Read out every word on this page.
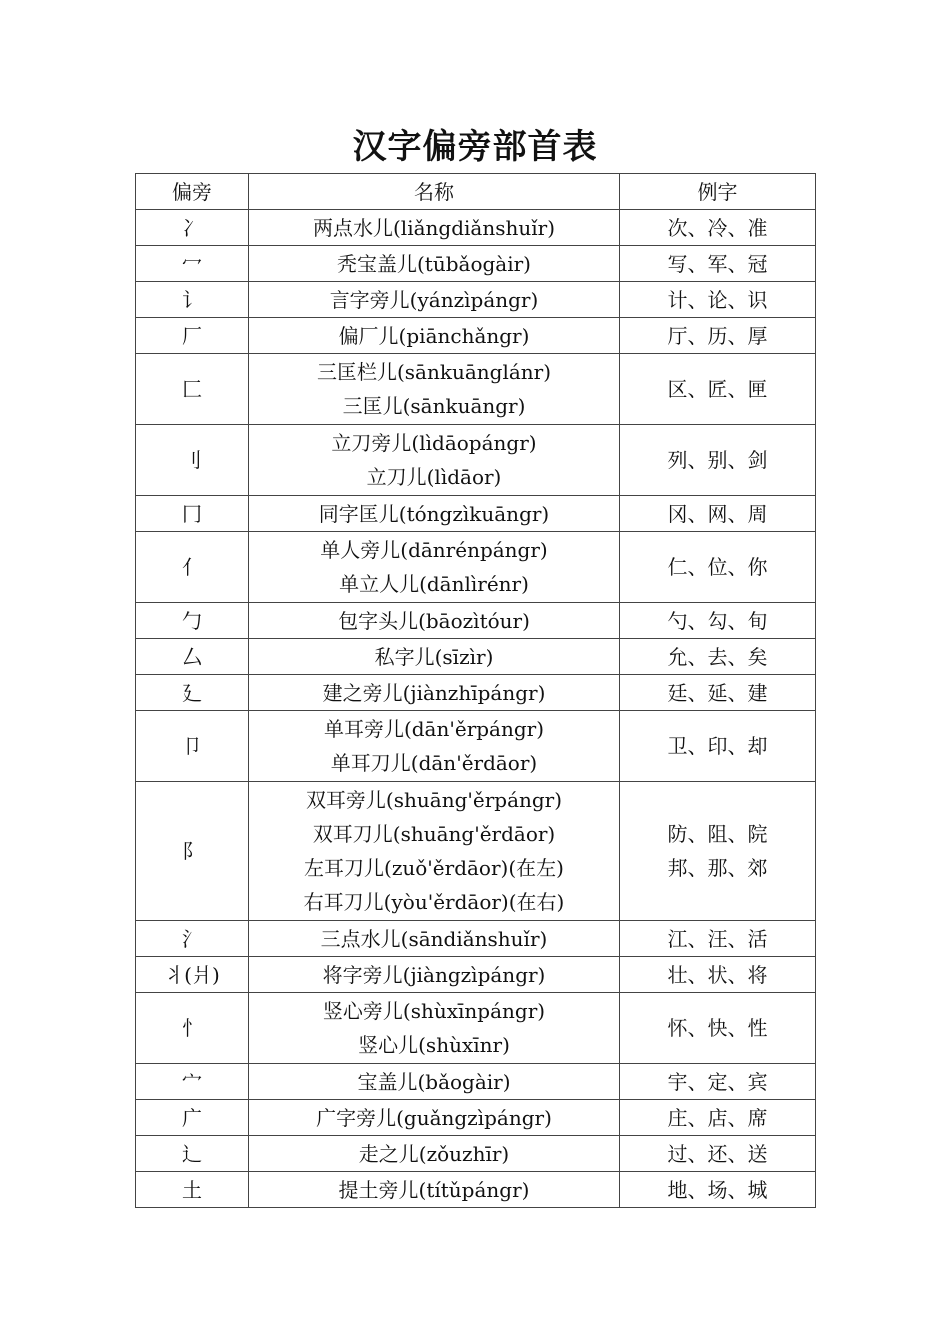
汉字偏旁部首表
偏旁	名称	例字
冫	两点水儿(liǎngdiǎnshuǐr)	次、冷、准

冖	秃宝盖儿(tūbǎogàir)	写、军、冠

讠	言字旁儿(yánzìpángr)	计、论、识

厂	偏厂儿(piānchǎngr)	厅、历、厚

匚	三匡栏儿(sānkuānglánr)
三匡儿(sānkuāngr)	区、匠、匣

刂	立刀旁儿(lìdāopángr)
立刀儿(lìdāor)	列、别、剑

冂	同字匡儿(tóngzìkuāngr)	冈、网、周

亻	单人旁儿(dānrénpángr)
单立人儿(dānlìrénr)	仁、位、你

勹	包字头儿(bāozìtóur)	勺、勾、旬

厶	私字儿(sīzìr)	允、去、矣

廴	建之旁儿(jiànzhīpángr)	廷、延、建

卩	单耳旁儿(dān'ěrpángr)
单耳刀儿(dān'ěrdāor)	卫、印、却

阝	双耳旁儿(shuāng'ěrpángr)
双耳刀儿(shuāng'ěrdāor)
左耳刀儿(zuǒ'ěrdāor)(在左)
右耳刀儿(yòu'ěrdāor)(在右)	防、阻、院
邦、那、郊

氵	三点水儿(sāndiǎnshuǐr)	江、汪、活

丬(爿)	将字旁儿(jiàngzìpángr)	壮、状、将

忄	竖心旁儿(shùxīnpángr)
竖心儿(shùxīnr)	怀、快、性

宀	宝盖儿(bǎogàir)	宇、定、宾

广	广字旁儿(guǎngzìpángr)	庄、店、席

辶	走之儿(zǒuzhīr)	过、还、送

土	提土旁儿(títǔpángr)	地、场、城
